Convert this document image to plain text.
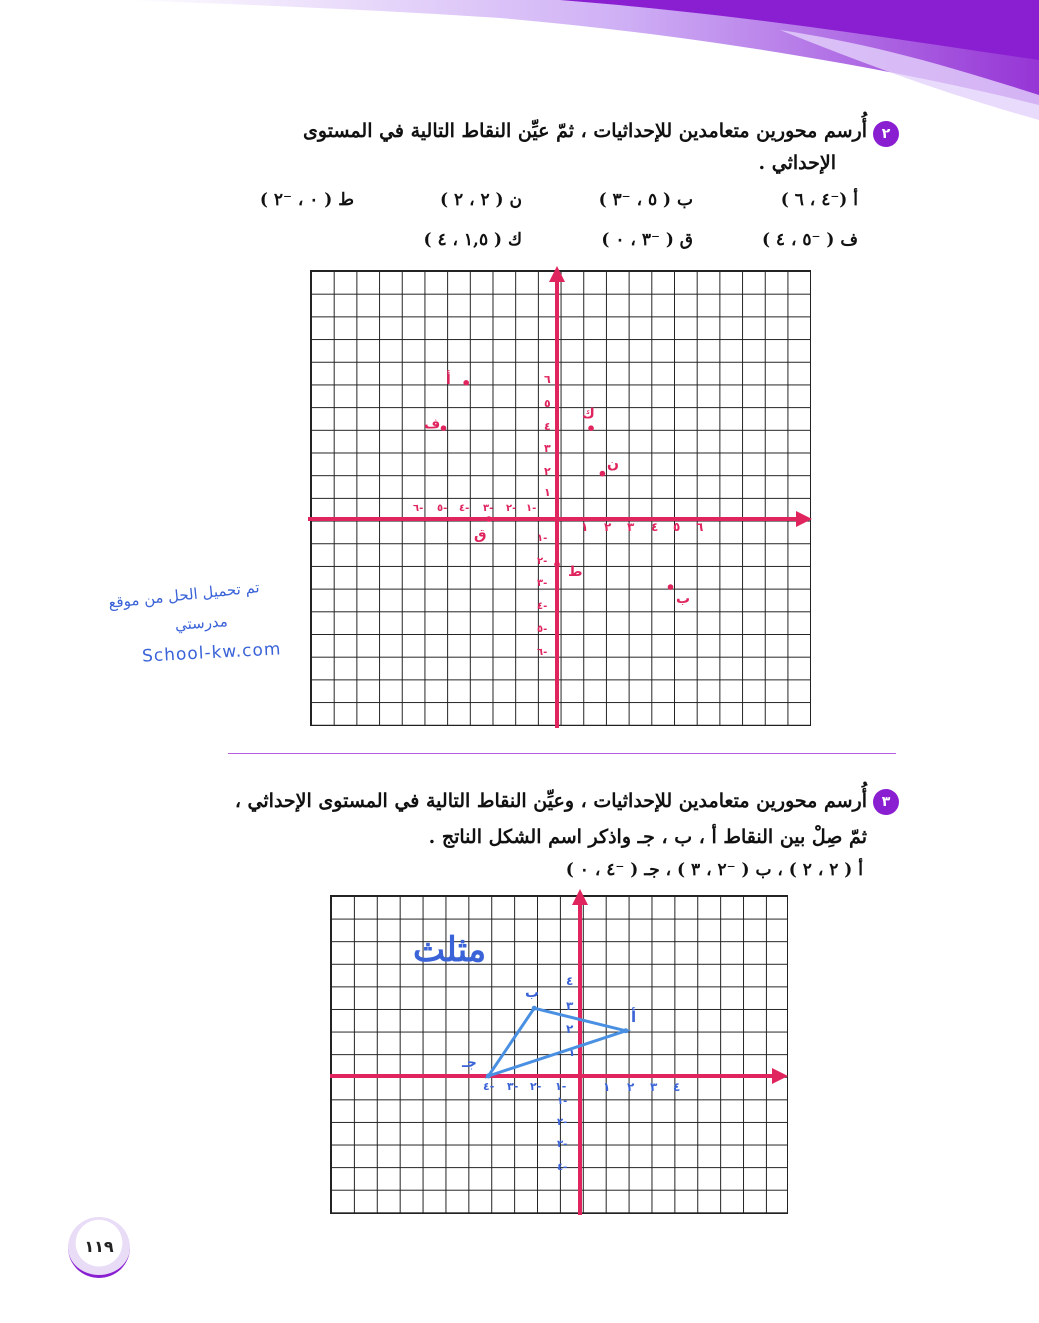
٢
أُرسم محورين متعامدين للإحداثيات ، ثمّ عيِّن النقاط التالية في المستوى
الإحداثي .
أ (⁻٤ ، ٦ )
ب ( ٥ ، ⁻٣ )
ن ( ٢ ، ٢ )
ط ( ٠ ، ⁻٢ )
ف ( ⁻٥ ، ٤ )
ق ( ⁻٣ ، ٠ )
ك ( ١,٥ ، ٤ )
١ ٢ ٣ ٤ ٥ ٦
١-
٢-
٣-
٤-
٥-
٦-
١
٢
٣
٤
٥
٦
١-
٢-
٣-
٤-
٥-
٦-
أ
ف
ك
ن
ق
ط
ب
تم تحميل الحل من موقع
مدرستي
School-kw.com
٣
أُرسم محورين متعامدين للإحداثيات ، وعيِّن النقاط التالية في المستوى الإحداثي ،
ثمّ صِلْ بين النقاط أ ، ب ، جـ واذكر اسم الشكل الناتج .
أ ( ٢ ، ٢ ) ، ب ( ⁻٢ ، ٣ ) ، جـ ( ⁻٤ ، ٠ )
١ ٢ ٣ ٤
١-
٢-
٣-
٤-
١
٢
٣
٤
١-
٢-
٣-
٤-
أ
ب
جـ
مثلث
١١٩
